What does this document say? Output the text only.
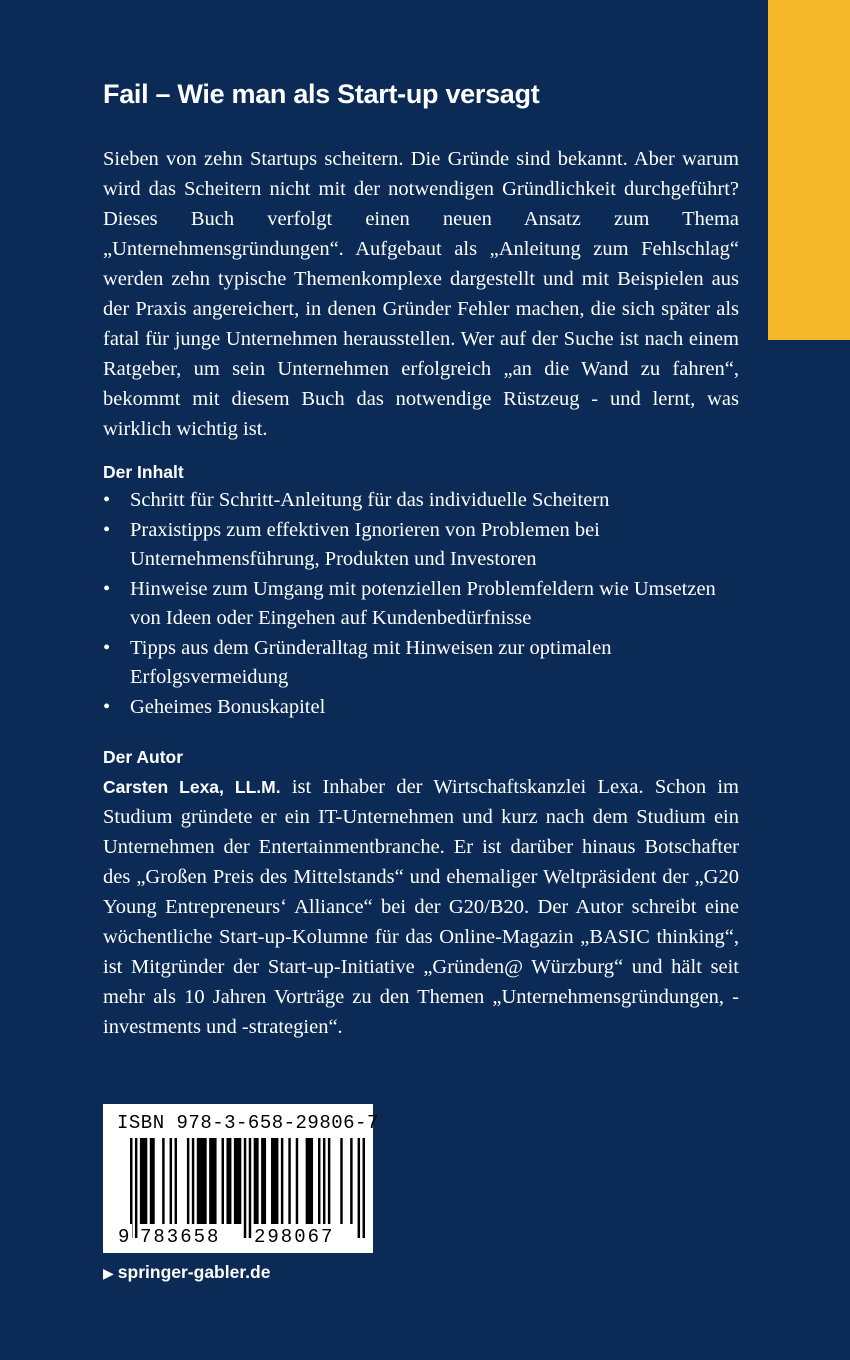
Fail – Wie man als Start-up versagt

Sieben von zehn Startups scheitern. Die Gründe sind bekannt. Aber warum wird das Scheitern nicht mit der notwendigen Gründlichkeit durchgeführt? Dieses Buch verfolgt einen neuen Ansatz zum Thema „Unternehmensgründungen“. Aufgebaut als „Anleitung zum Fehlschlag“ werden zehn typische Themenkomplexe dargestellt und mit Beispielen aus der Praxis angereichert, in denen Gründer Fehler machen, die sich später als fatal für junge Unternehmen herausstellen. Wer auf der Suche ist nach einem Ratgeber, um sein Unternehmen erfolgreich „an die Wand zu fahren“, bekommt mit diesem Buch das notwendige Rüstzeug - und lernt, was wirklich wichtig ist.

Der Inhalt
• Schritt für Schritt-Anleitung für das individuelle Scheitern
• Praxistipps zum effektiven Ignorieren von Problemen bei Unternehmensführung, Produkten und Investoren
• Hinweise zum Umgang mit potenziellen Problemfeldern wie Umsetzen von Ideen oder Eingehen auf Kundenbedürfnisse
• Tipps aus dem Gründeralltag mit Hinweisen zur optimalen Erfolgsvermeidung
• Geheimes Bonuskapitel
Der Autor

Carsten Lexa, LL.M. ist Inhaber der Wirtschaftskanzlei Lexa. Schon im Studium gründete er ein IT-Unternehmen und kurz nach dem Studium ein Unternehmen der Entertainmentbranche. Er ist darüber hinaus Botschafter des „Großen Preis des Mittelstands“ und ehemaliger Weltpräsident der „G20 Young Entrepreneurs‘ Alliance“ bei der G20/B20. Der Autor schreibt eine wöchentliche Start-up-Kolumne für das Online-Magazin „BASIC thinking“, ist Mitgründer der Start-up-Initiative „Gründen@ Würzburg“ und hält seit mehr als 10 Jahren Vorträge zu den Themen „Unternehmensgründungen, -investments und -strategien“.

ISBN 978-3-658-29806-7
9 783658 298067
▶ springer-gabler.de
